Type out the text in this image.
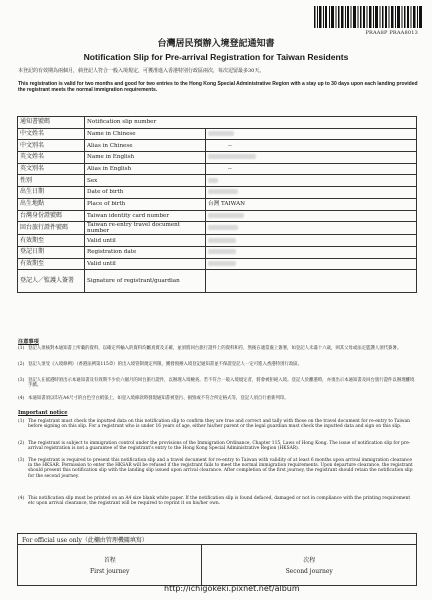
PRAA8P PRAA8013
台灣居民預辦入境登記通知書
Notification Slip for Pre-arrival Registration for Taiwan Residents
本登記的有效期為兩個月，倘登記人符合一般入境規定，可獲准進入香港特別行政區兩次，每次逗留最多30天。
This registration is valid for two months and good for two entries to the Hong Kong Special Administrative Region with a stay up to 30 days upon each landing provided the registrant meets the normal immigration requirements.
通知書號碼	Notification slip number	
中文姓名	Name in Chinese	
中文別名	Alias in Chinese	--
英文姓名	Name in English	
英文別名	Alias in English	--
性別	Sex	
出生日期	Date of birth	
出生地點	Place of birth	台灣 TAIWAN
台灣身份證號碼	Taiwan identity card number	
回台旅行證件號碼	Taiwan re-entry travel document number	
有效期至	Valid until	
登記日期	Registration date	
有效期至	Valid until	
登記人／監護人簽署	Signature of registrant/guardian	
注意事項
(1) 登記人須核對本通知書上所載的資料，以確定所輸入的資料均屬真實及正確，並須將回台旅行證件上的資料和符，然後在適當處上簽署，如登記人未滿十六歲，則其父母或法定監護人須代簽署。
(2) 登記人須受《入境條例》（香港法例第115章）的出入境管制規定所限，獲發預辦入境登記通知書並不保證登記人一定可進入香港特別行政區。
(3) 登記人在抵港時須出示本通知書及有效期不少於六個月的回台旅行證件，以辦理入境檢查。若不符合一般入境規定者，將會被拒絕入境。登記人於離港時，亦須出示本通知書及回台旅行證件以辦理離境手續。
(4) 本通知書須以印在A4尺寸的白色空白紙張上，如登入境條款時發現通知書被塗污、損毀或不符合所定格式等，登記人須自行重新列印。
Important notice
(1) The registrant must check the inputted data on this notification slip to confirm they are true and correct and tally with those on the travel document for re-entry to Taiwan before signing on this slip. For a registrant who is under 16 years of age, either his/her parent or the legal guardian must check the inputted data and sign on this slip.
(2) The registrant is subject to immigration control under the provisions of the Immigration Ordinance, Chapter 115, Laws of Hong Kong. The issue of notification slip for pre-arrival registration is not a guarantee of the registrant's entry to the Hong Kong Special Administrative Region (HKSAR).
(3) The registrant is required to present this notification slip and a travel document for re-entry to Taiwan with validity of at least 6 months upon arrival immigration clearance in the HKSAR. Permission to enter the HKSAR will be refused if the registrant fails to meet the normal immigration requirements. Upon departure clearance, the registrant should present this notification slip with the landing slip issued upon arrival clearance. After completion of the first journey, the registrant should retain the notification slip for the second journey.
(4) This notification slip must be printed on an A4 size blank white paper. If the notification slip is found defaced, damaged or not in compliance with the printing requirement etc upon arrival clearance, the registrant will be required to reprint it on his/her own.
For official use only（此欄由管理機關填寫）

首程
First journey

次程
Second journey
http://ichigokeki.pixnet.net/album
